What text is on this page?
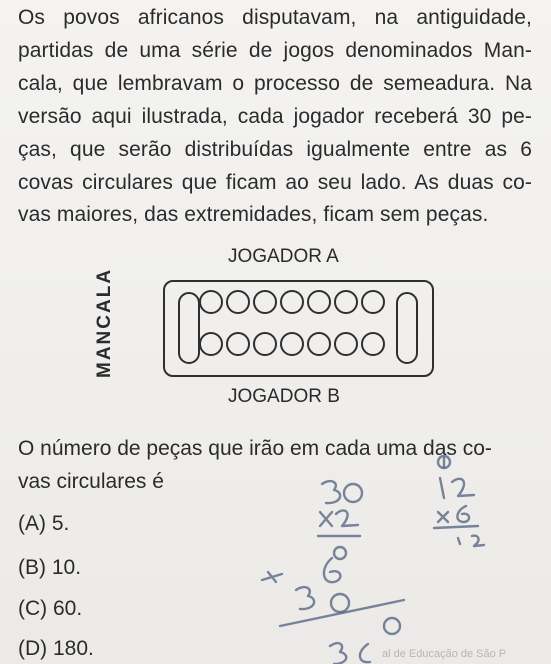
Os povos africanos disputavam, na antiguidade,
partidas de uma série de jogos denominados Man-
cala, que lembravam o processo de semeadura. Na
versão aqui ilustrada, cada jogador receberá 30 pe-
ças, que serão distribuídas igualmente entre as 6
covas circulares que ficam ao seu lado. As duas co-
vas maiores, das extremidades, ficam sem peças.
JOGADOR A
MANCALA
JOGADOR B
O número de peças que irão em cada uma das co-
vas circulares é
(A) 5.
(B) 10.
(C) 60.
(D) 180.	al de Educação de São P
